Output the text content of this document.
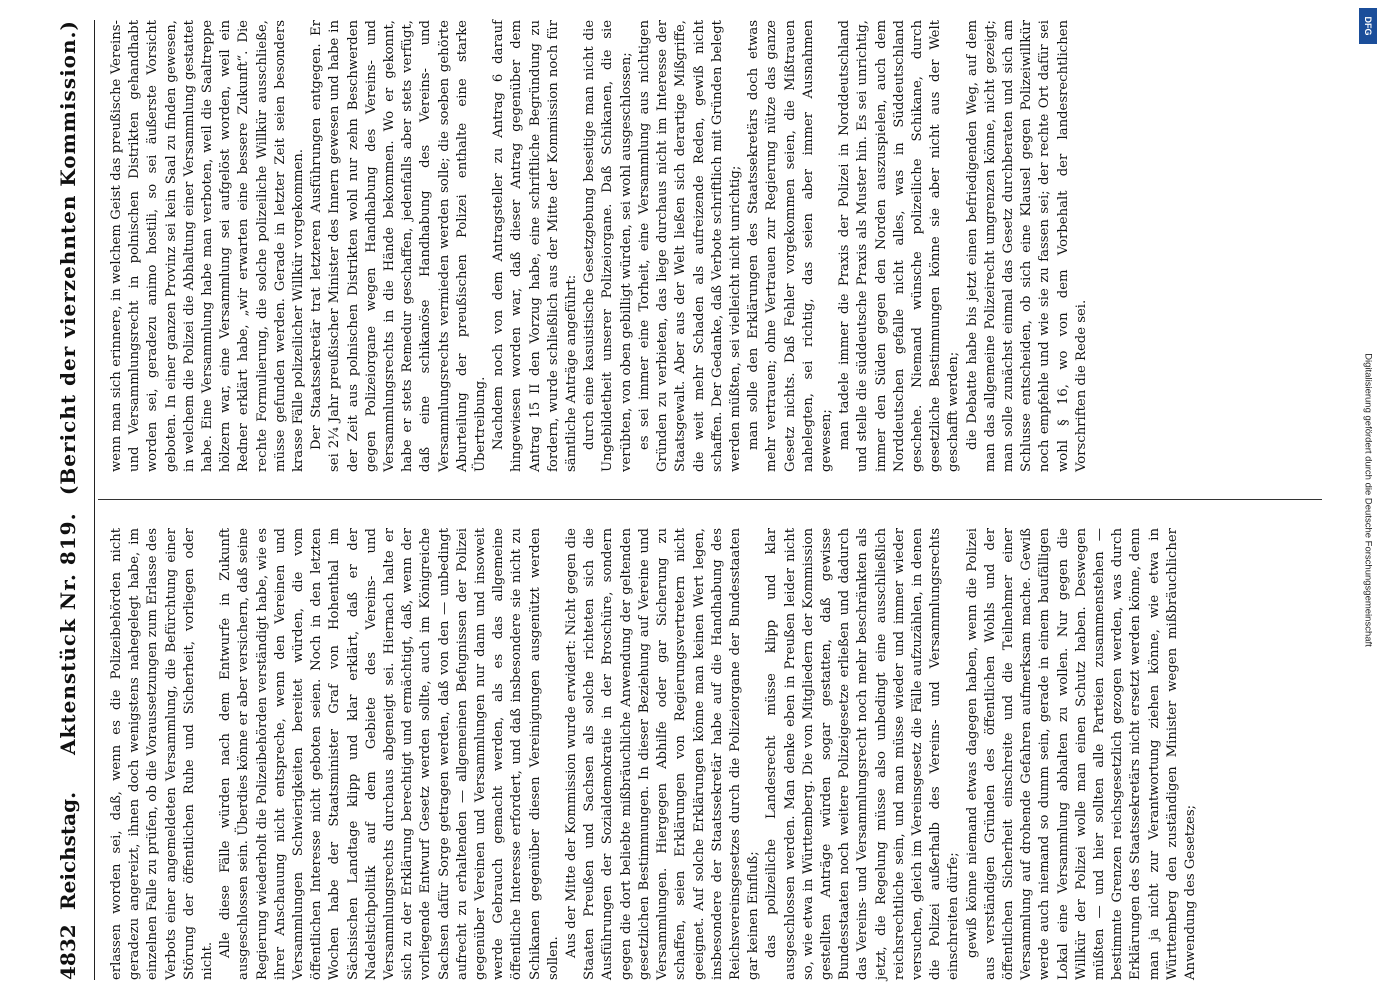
4832
Reichstag.
Aktenstück Nr. 819.
(Bericht der vierzehnten Kommission.)

erlassen worden sei, daß, wenn es die Polizeibehörden nicht geradezu angereizt, ihnen doch wenigstens nahegelegt habe, im einzelnen Falle zu prüfen, ob die Voraussetzungen zum Erlasse des Verbots einer angemeldeten Versammlung, die Befürchtung einer Störung der öffentlichen Ruhe und Sicherheit, vorliegen oder nicht.

Alle diese Fälle würden nach dem Entwurfe in Zukunft ausgeschlossen sein. Überdies könne er aber versichern, daß seine Regierung wiederholt die Polizeibehörden verständigt habe, wie es ihrer Anschauung nicht entspreche, wenn den Vereinen und Versammlungen Schwierigkeiten bereitet würden, die vom öffentlichen Interesse nicht geboten seien. Noch in den letzten Wochen habe der Staatsminister Graf von Hohenthal im Sächsischen Landtage klipp und klar erklärt, daß er der Nadelstichpolitik auf dem Gebiete des Vereins- und Versammlungsrechts durchaus abgeneigt sei. Hiernach halte er sich zu der Erklärung berechtigt und ermächtigt, daß, wenn der vorliegende Entwurf Gesetz werden sollte, auch im Königreiche Sachsen dafür Sorge getragen werden, daß von den — unbedingt aufrecht zu erhaltenden — allgemeinen Befugnissen der Polizei gegenüber Vereinen und Versammlungen nur dann und insoweit werde Gebrauch gemacht werden, als es das allgemeine öffentliche Interesse erfordert, und daß insbesondere sie nicht zu Schikanen gegenüber diesen Vereinigungen ausgenützt werden sollen.

Aus der Mitte der Kommission wurde erwidert: Nicht gegen die Staaten Preußen und Sachsen als solche richteten sich die Ausführungen der Sozialdemokratie in der Broschüre, sondern gegen die dort beliebte mißbräuchliche Anwendung der geltenden gesetzlichen Bestimmungen. In dieser Beziehung auf Vereine und Versammlungen. Hiergegen Abhilfe oder gar Sicherung zu schaffen, seien Erklärungen von Regierungsvertretern nicht geeignet. Auf solche Erklärungen könne man keinen Wert legen, insbesondere der Staatssekretär habe auf die Handhabung des Reichsvereinsgesetzes durch die Polizeiorgane der Bundesstaaten gar keinen Einfluß; das polizeiliche Landesrecht müsse klipp und klar ausgeschlossen werden. Man denke eben in Preußen leider nicht so, wie etwa in Württemberg. Die von Mitgliedern der Kommission gestellten Anträge würden sogar gestatten, daß gewisse Bundesstaaten noch weitere Polizeigesetze erließen und dadurch das Vereins- und Versammlungsrecht noch mehr beschränkten als jetzt, die Regelung müsse also unbedingt eine ausschließlich reichsrechtliche sein, und man müsse wieder und immer wieder versuchen, gleich im Vereinsgesetz die Fälle aufzuzählen, in denen die Polizei außerhalb des Vereins- und Versammlungsrechts einschreiten dürfe; gewiß könne niemand etwas dagegen haben, wenn die Polizei aus verständigen Gründen des öffentlichen Wohls und der öffentlichen Sicherheit einschreite und die Teilnehmer einer Versammlung auf drohende Gefahren aufmerksam mache. Gewiß werde auch niemand so dumm sein, gerade in einem baufälligen Lokal eine Versammlung abhalten zu wollen. Nur gegen die Willkür der Polizei wolle man einen Schutz haben. Deswegen müßten — und hier sollten alle Parteien zusammenstehen — bestimmte Grenzen reichsgesetzlich gezogen werden, was durch Erklärungen des Staatssekretärs nicht ersetzt werden könne, denn man ja nicht zur Verantwortung ziehen könne, wie etwa in Württemberg den zuständigen Minister wegen mißbräuchlicher Anwendung des Gesetzes;

wenn man sich erinnere, in welchem Geist das preußische Vereins- und Versammlungsrecht in polnischen Distrikten gehandhabt worden sei, geradezu animo hostili, so sei äußerste Vorsicht geboten. In einer ganzen Provinz sei kein Saal zu finden gewesen, in welchem die Polizei die Abhaltung einer Versammlung gestattet habe. Eine Versammlung habe man verboten, weil die Saaltreppe hölzern war, eine Versammlung sei aufgelöst worden, weil ein Redner erklärt habe, „wir erwarten eine bessere Zukunft“. Die rechte Formulierung, die solche polizeiliche Willkür ausschließe, müsse gefunden werden. Gerade in letzter Zeit seien besonders krasse Fälle polizeilicher Willkür vorgekommen. Der Staatssekretär trat letzteren Ausführungen entgegen. Er sei 2¼ Jahr preußischer Minister des Innern gewesen und habe in der Zeit aus polnischen Distrikten wohl nur zehn Beschwerden gegen Polizeiorgane wegen Handhabung des Vereins- und Versammlungsrechts in die Hände bekommen. Wo er gekonnt, habe er stets Remedur geschaffen, jedenfalls aber stets verfügt, daß eine schikanöse Handhabung des Vereins- und Versammlungsrechts vermieden werden solle; die soeben gehörte Aburteilung der preußischen Polizei enthalte eine starke Übertreibung. Nachdem noch von dem Antragsteller zu Antrag 6 darauf hingewiesen worden war, daß dieser Antrag gegenüber dem Antrag 15 II den Vorzug habe, eine schriftliche Begründung zu fordern, wurde schließlich aus der Mitte der Kommission noch für sämtliche Anträge angeführt: durch eine kasuistische Gesetzgebung beseitige man nicht die Ungebildetheit unserer Polizeiorgane. Daß Schikanen, die sie verübten, von oben gebilligt würden, sei wohl ausgeschlossen; es sei immer eine Torheit, eine Versammlung aus nichtigen Gründen zu verbieten, das liege durchaus nicht im Interesse der Staatsgewalt. Aber aus der Welt ließen sich derartige Mißgriffe, die weit mehr Schaden als aufreizende Reden, gewiß nicht schaffen. Der Gedanke, daß Verbote schriftlich mit Gründen belegt werden müßten, sei vielleicht nicht unrichtig; man solle den Erklärungen des Staatssekretärs doch etwas mehr vertrauen; ohne Vertrauen zur Regierung nütze das ganze Gesetz nichts. Daß Fehler vorgekommen seien, die Mißtrauen nahelegten, sei richtig, das seien aber immer Ausnahmen gewesen; man tadele immer die Praxis der Polizei in Norddeutschland und stelle die süddeutsche Praxis als Muster hin. Es sei unrichtig, immer den Süden gegen den Norden auszuspielen, auch dem Norddeutschen gefalle nicht alles, was in Süddeutschland geschehe. Niemand wünsche polizeiliche Schikane, durch gesetzliche Bestimmungen könne sie aber nicht aus der Welt geschafft werden; die Debatte habe bis jetzt einen befriedigenden Weg, auf dem man das allgemeine Polizeirecht umgrenzen könne, nicht gezeigt; man solle zunächst einmal das Gesetz durchberaten und sich am Schlusse entscheiden, ob sich eine Klausel gegen Polizeiwillkür noch empfehle und wie sie zu fassen sei; der rechte Ort dafür sei wohl § 16, wo von dem Vorbehalt der landesrechtlichen Vorschriften die Rede sei.

DFG
Digitalisierung gefördert durch die Deutsche Forschungsgemeinschaft
